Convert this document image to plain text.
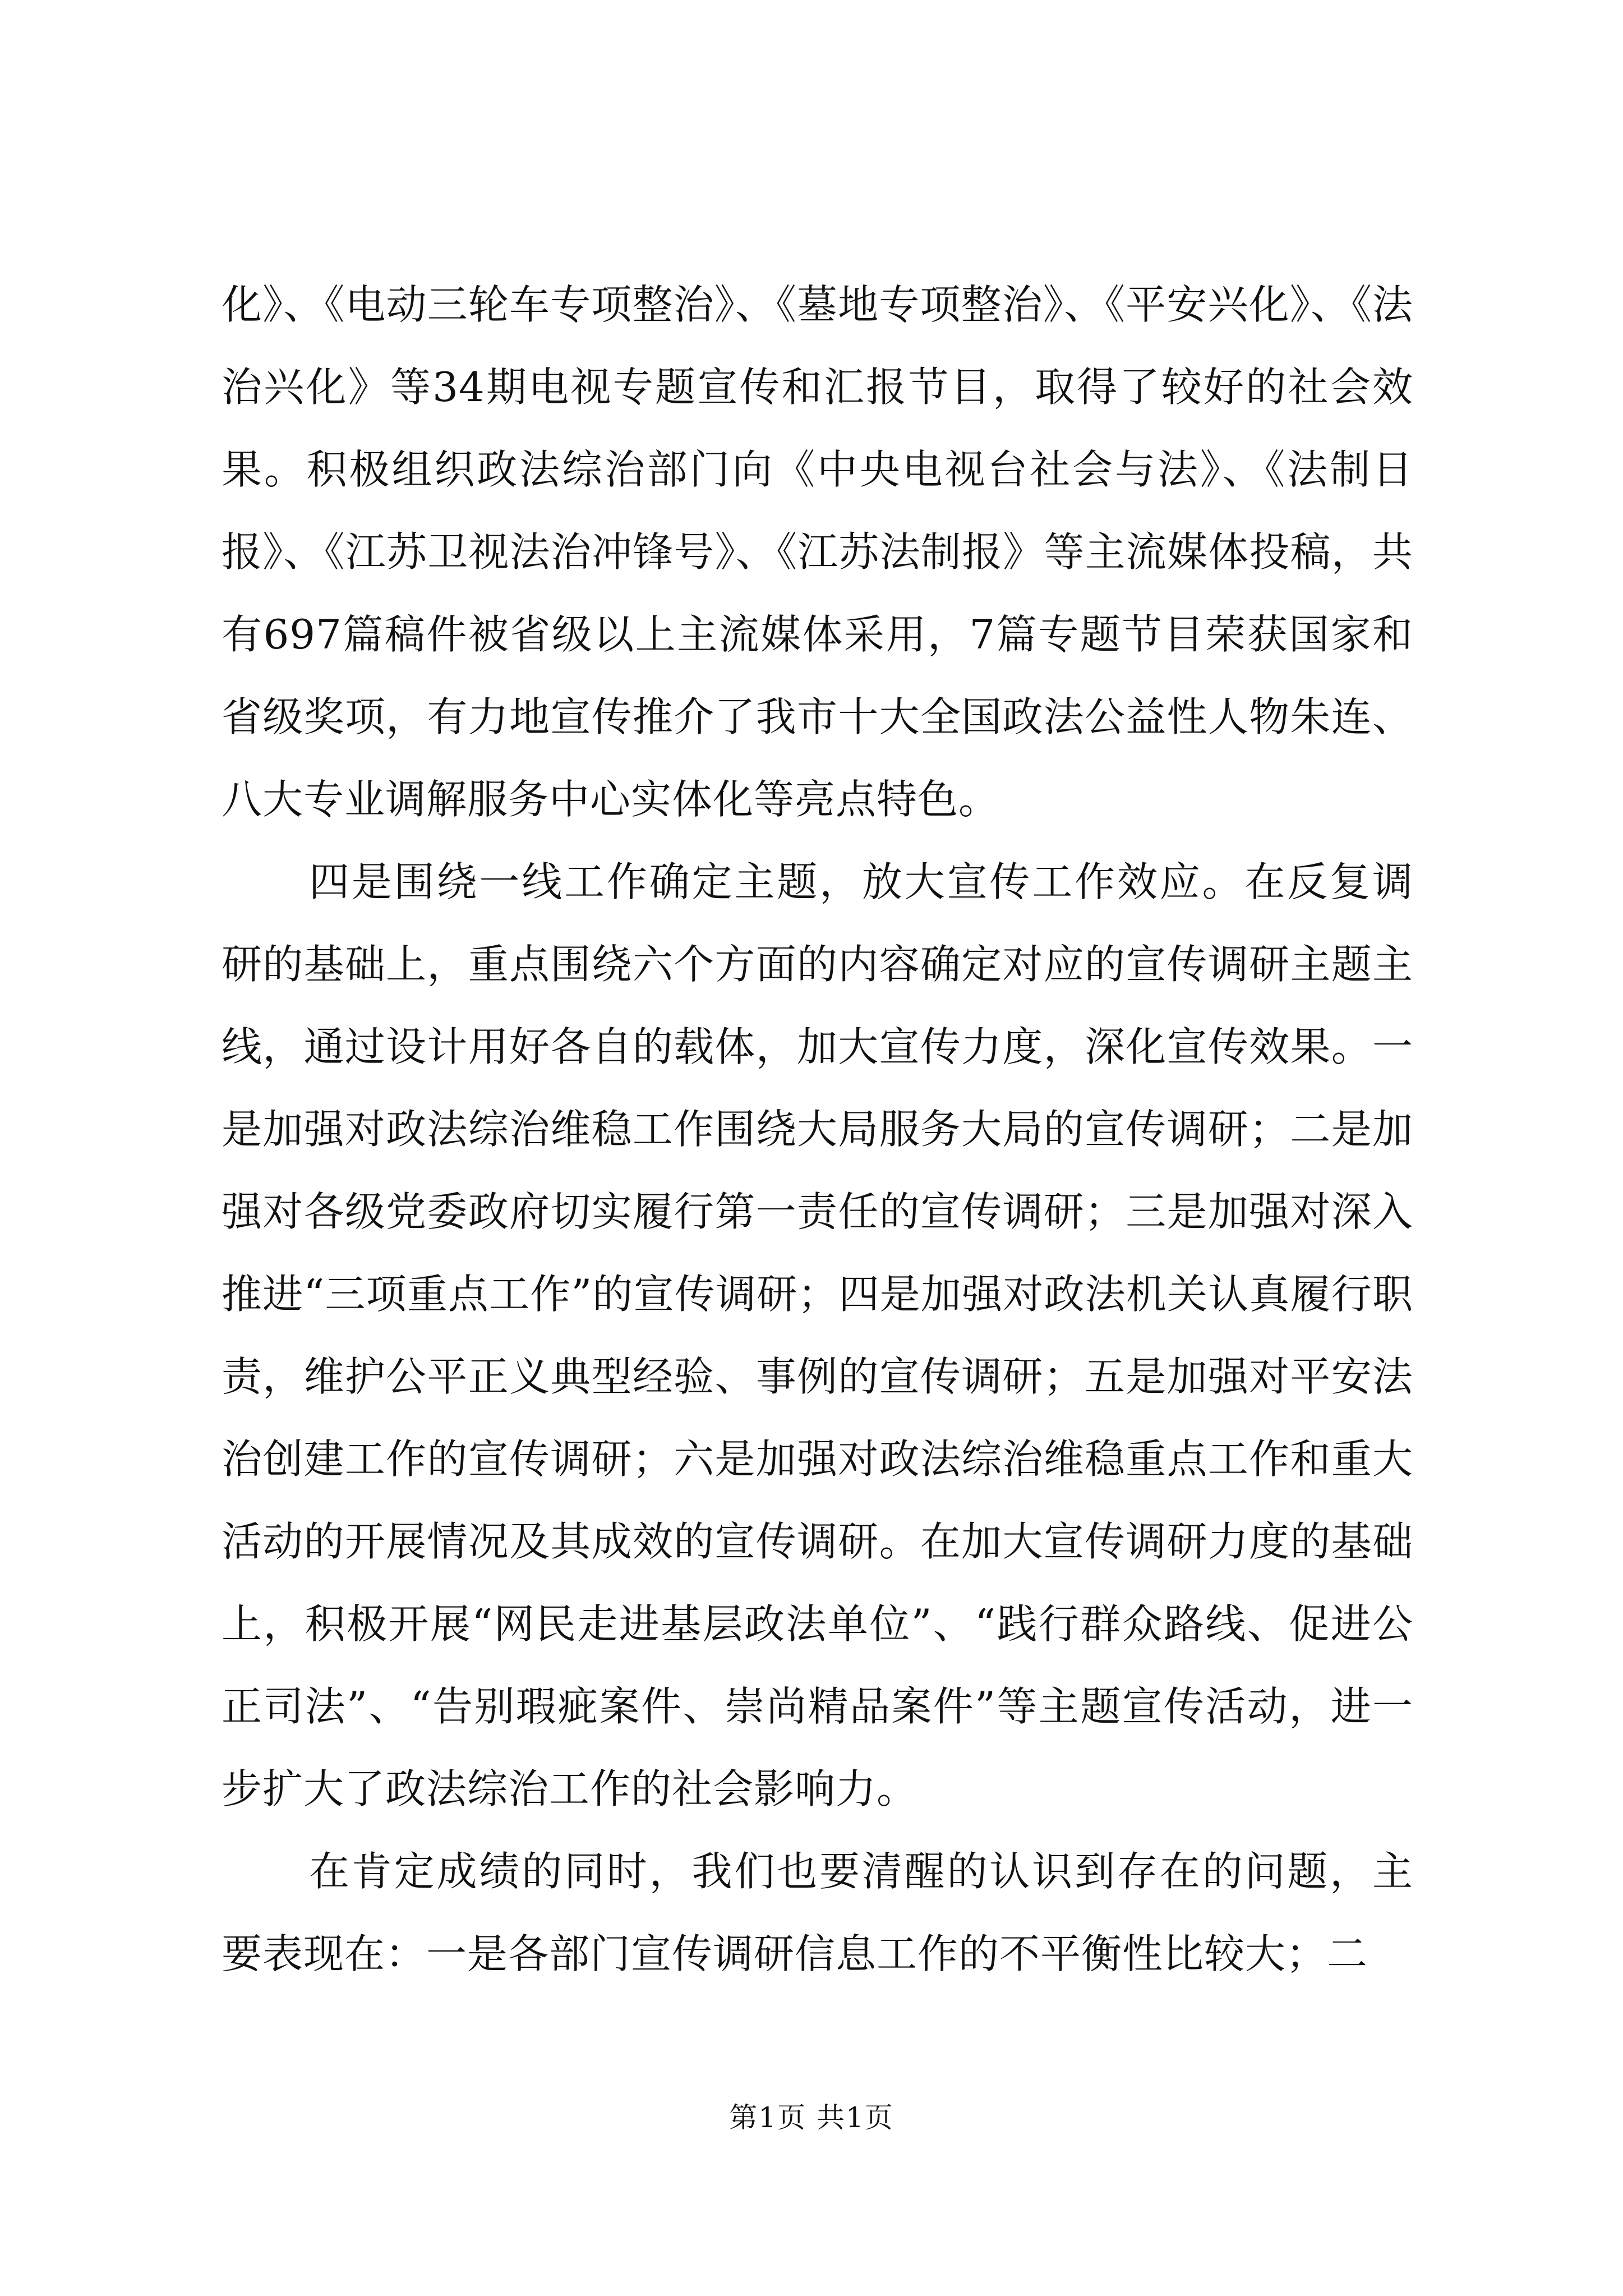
化》、《电动三轮车专项整治》、《墓地专项整治》、《平安兴化》、《法治兴化》等34期电视专题宣传和汇报节目，取得了较好的社会效果。积极组织政法综治部门向《中央电视台社会与法》、《法制日报》、《江苏卫视法治冲锋号》、《江苏法制报》等主流媒体投稿，共有697篇稿件被省级以上主流媒体采用，7篇专题节目荣获国家和省级奖项，有力地宣传推介了我市十大全国政法公益性人物朱连、八大专业调解服务中心实体化等亮点特色。

四是围绕一线工作确定主题，放大宣传工作效应。在反复调研的基础上，重点围绕六个方面的内容确定对应的宣传调研主题主线，通过设计用好各自的载体，加大宣传力度，深化宣传效果。一是加强对政法综治维稳工作围绕大局服务大局的宣传调研；二是加强对各级党委政府切实履行第一责任的宣传调研；三是加强对深入推进“三项重点工作”的宣传调研；四是加强对政法机关认真履行职责，维护公平正义典型经验、事例的宣传调研；五是加强对平安法治创建工作的宣传调研；六是加强对政法综治维稳重点工作和重大活动的开展情况及其成效的宣传调研。在加大宣传调研力度的基础上，积极开展“网民走进基层政法单位”、“践行群众路线、促进公正司法”、“告别瑕疵案件、崇尚精品案件”等主题宣传活动，进一步扩大了政法综治工作的社会影响力。

在肯定成绩的同时，我们也要清醒的认识到存在的问题，主要表现在：一是各部门宣传调研信息工作的不平衡性比较大；二

第1页 共1页
